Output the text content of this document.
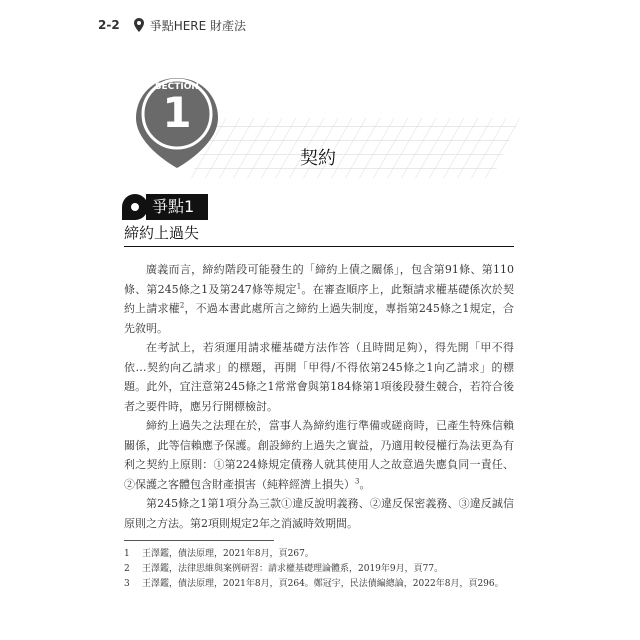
2-2	爭點HERE 財產法
SECTION
1
契約
爭點1
締約上過失

廣義而言，締約階段可能發生的「締約上債之關係」，包含第91條、第110條、第245條之1及第247條等規定$^1$。在審查順序上，此類請求權基礎係次於契約上請求權$^2$，不過本書此處所言之締約上過失制度，專指第245條之1規定，合先敘明。

在考試上，若須運用請求權基礎方法作答（且時間足夠），得先開「甲不得依…契約向乙請求」的標題，再開「甲得/不得依第245條之1向乙請求」的標題。此外，宜注意第245條之1常常會與第184條第1項後段發生競合，若符合後者之要件時，應另行開標檢討。

締約上過失之法理在於，當事人為締約進行準備或磋商時，已產生特殊信賴關係，此等信賴應予保護。創設締約上過失之實益，乃適用較侵權行為法更為有利之契約上原則：①第224條規定債務人就其使用人之故意過失應負同一責任、②保護之客體包含財產損害（純粹經濟上損失）$^3$。

第245條之1第1項分為三款①違反說明義務、②違反保密義務、③違反誠信原則之方法。第2項則規定2年之消滅時效期間。

1	王澤鑑，債法原理，2021年8月，頁267。
2	王澤鑑，法律思維與案例研習：請求權基礎理論體系，2019年9月，頁77。
3	王澤鑑，債法原理，2021年8月，頁264。鄭冠宇，民法債編總論，2022年8月，頁296。
